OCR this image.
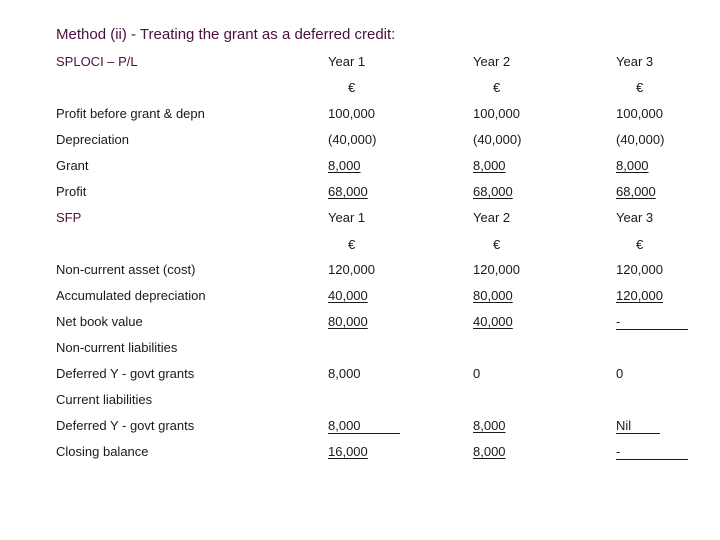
Method (ii) - Treating the grant as a deferred credit:
SPLOCI – P/L	Year 1	Year 2	Year 3
€	€	€
Profit before grant & depn	100,000	100,000	100,000
Depreciation	(40,000)	(40,000)	(40,000)
Grant	8,000	8,000	8,000
Profit	68,000	68,000	68,000
SFP	Year 1	Year 2	Year 3
€	€	€
Non-current asset (cost)	120,000	120,000	120,000
Accumulated depreciation	40,000	80,000	120,000
Net book value	80,000	40,000	-
Non-current liabilities
Deferred Y - govt grants	8,000	0	0
Current liabilities
Deferred Y - govt grants	8,000	8,000	Nil
Closing balance	16,000	8,000	-
